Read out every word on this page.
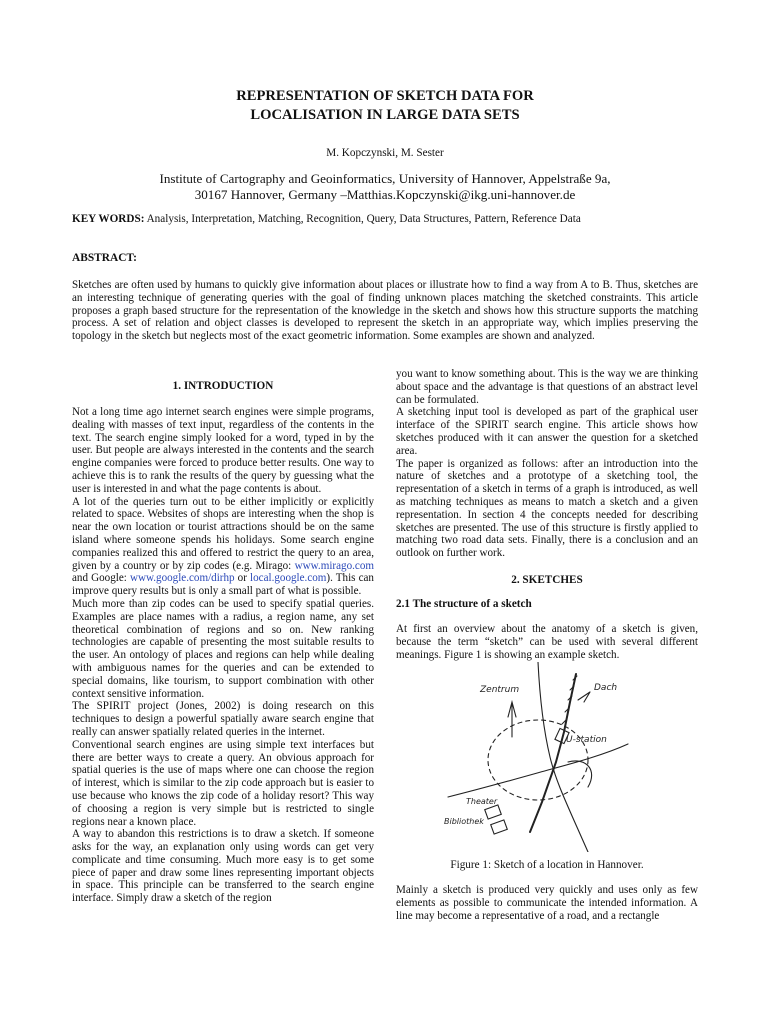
REPRESENTATION OF SKETCH DATA FOR
LOCALISATION IN LARGE DATA SETS
M. Kopczynski, M. Sester
Institute of Cartography and Geoinformatics, University of Hannover, Appelstraße 9a,
30167 Hannover, Germany –Matthias.Kopczynski@ikg.uni-hannover.de
KEY WORDS: Analysis, Interpretation, Matching, Recognition, Query, Data Structures, Pattern, Reference Data
ABSTRACT:
Sketches are often used by humans to quickly give information about places or illustrate how to find a way from A to B. Thus, sketches are an interesting technique of generating queries with the goal of finding unknown places matching the sketched constraints. This article proposes a graph based structure for the representation of the knowledge in the sketch and shows how this structure supports the matching process. A set of relation and object classes is developed to represent the sketch in an appropriate way, which implies preserving the topology in the sketch but neglects most of the exact geometric information. Some examples are shown and analyzed.
1. INTRODUCTION

Not a long time ago internet search engines were simple programs, dealing with masses of text input, regardless of the contents in the text. The search engine simply looked for a word, typed in by the user. But people are always interested in the contents and the search engine companies were forced to produce better results. One way to achieve this is to rank the results of the query by guessing what the user is interested in and what the page contents is about.

A lot of the queries turn out to be either implicitly or explicitly related to space. Websites of shops are interesting when the shop is near the own location or tourist attractions should be on the same island where someone spends his holidays. Some search engine companies realized this and offered to restrict the query to an area, given by a country or by zip codes (e.g. Mirago: www.mirago.com and Google: www.google.com/dirhp or local.google.com). This can improve query results but is only a small part of what is possible.

Much more than zip codes can be used to specify spatial queries. Examples are place names with a radius, a region name, any set theoretical combination of regions and so on. New ranking technologies are capable of presenting the most suitable results to the user. An ontology of places and regions can help while dealing with ambiguous names for the queries and can be extended to special domains, like tourism, to support combination with other context sensitive information.

The SPIRIT project (Jones, 2002) is doing research on this techniques to design a powerful spatially aware search engine that really can answer spatially related queries in the internet.

Conventional search engines are using simple text interfaces but there are better ways to create a query. An obvious approach for spatial queries is the use of maps where one can choose the region of interest, which is similar to the zip code approach but is easier to use because who knows the zip code of a holiday resort? This way of choosing a region is very simple but is restricted to single regions near a known place.

A way to abandon this restrictions is to draw a sketch. If someone asks for the way, an explanation only using words can get very complicate and time consuming. Much more easy is to get some piece of paper and draw some lines representing important objects in space. This principle can be transferred to the search engine interface. Simply draw a sketch of the region

you want to know something about. This is the way we are thinking about space and the advantage is that questions of an abstract level can be formulated.

A sketching input tool is developed as part of the graphical user interface of the SPIRIT search engine. This article shows how sketches produced with it can answer the question for a sketched area.

The paper is organized as follows: after an introduction into the nature of sketches and a prototype of a sketching tool, the representation of a sketch in terms of a graph is introduced, as well as matching techniques as means to match a sketch and a given representation. In section 4 the concepts needed for describing sketches are presented. The use of this structure is firstly applied to matching two road data sets. Finally, there is a conclusion and an outlook on further work.

2. SKETCHES
2.1 The structure of a sketch
At first an overview about the anatomy of a sketch is given, because the term “sketch” can be used with several different meanings. Figure 1 is showing an example sketch.
Zentrum	Dach
U-station
Theater
Bibliothek
Figure 1: Sketch of a location in Hannover.
Mainly a sketch is produced very quickly and uses only as few elements as possible to communicate the intended information. A line may become a representative of a road, and a rectangle
